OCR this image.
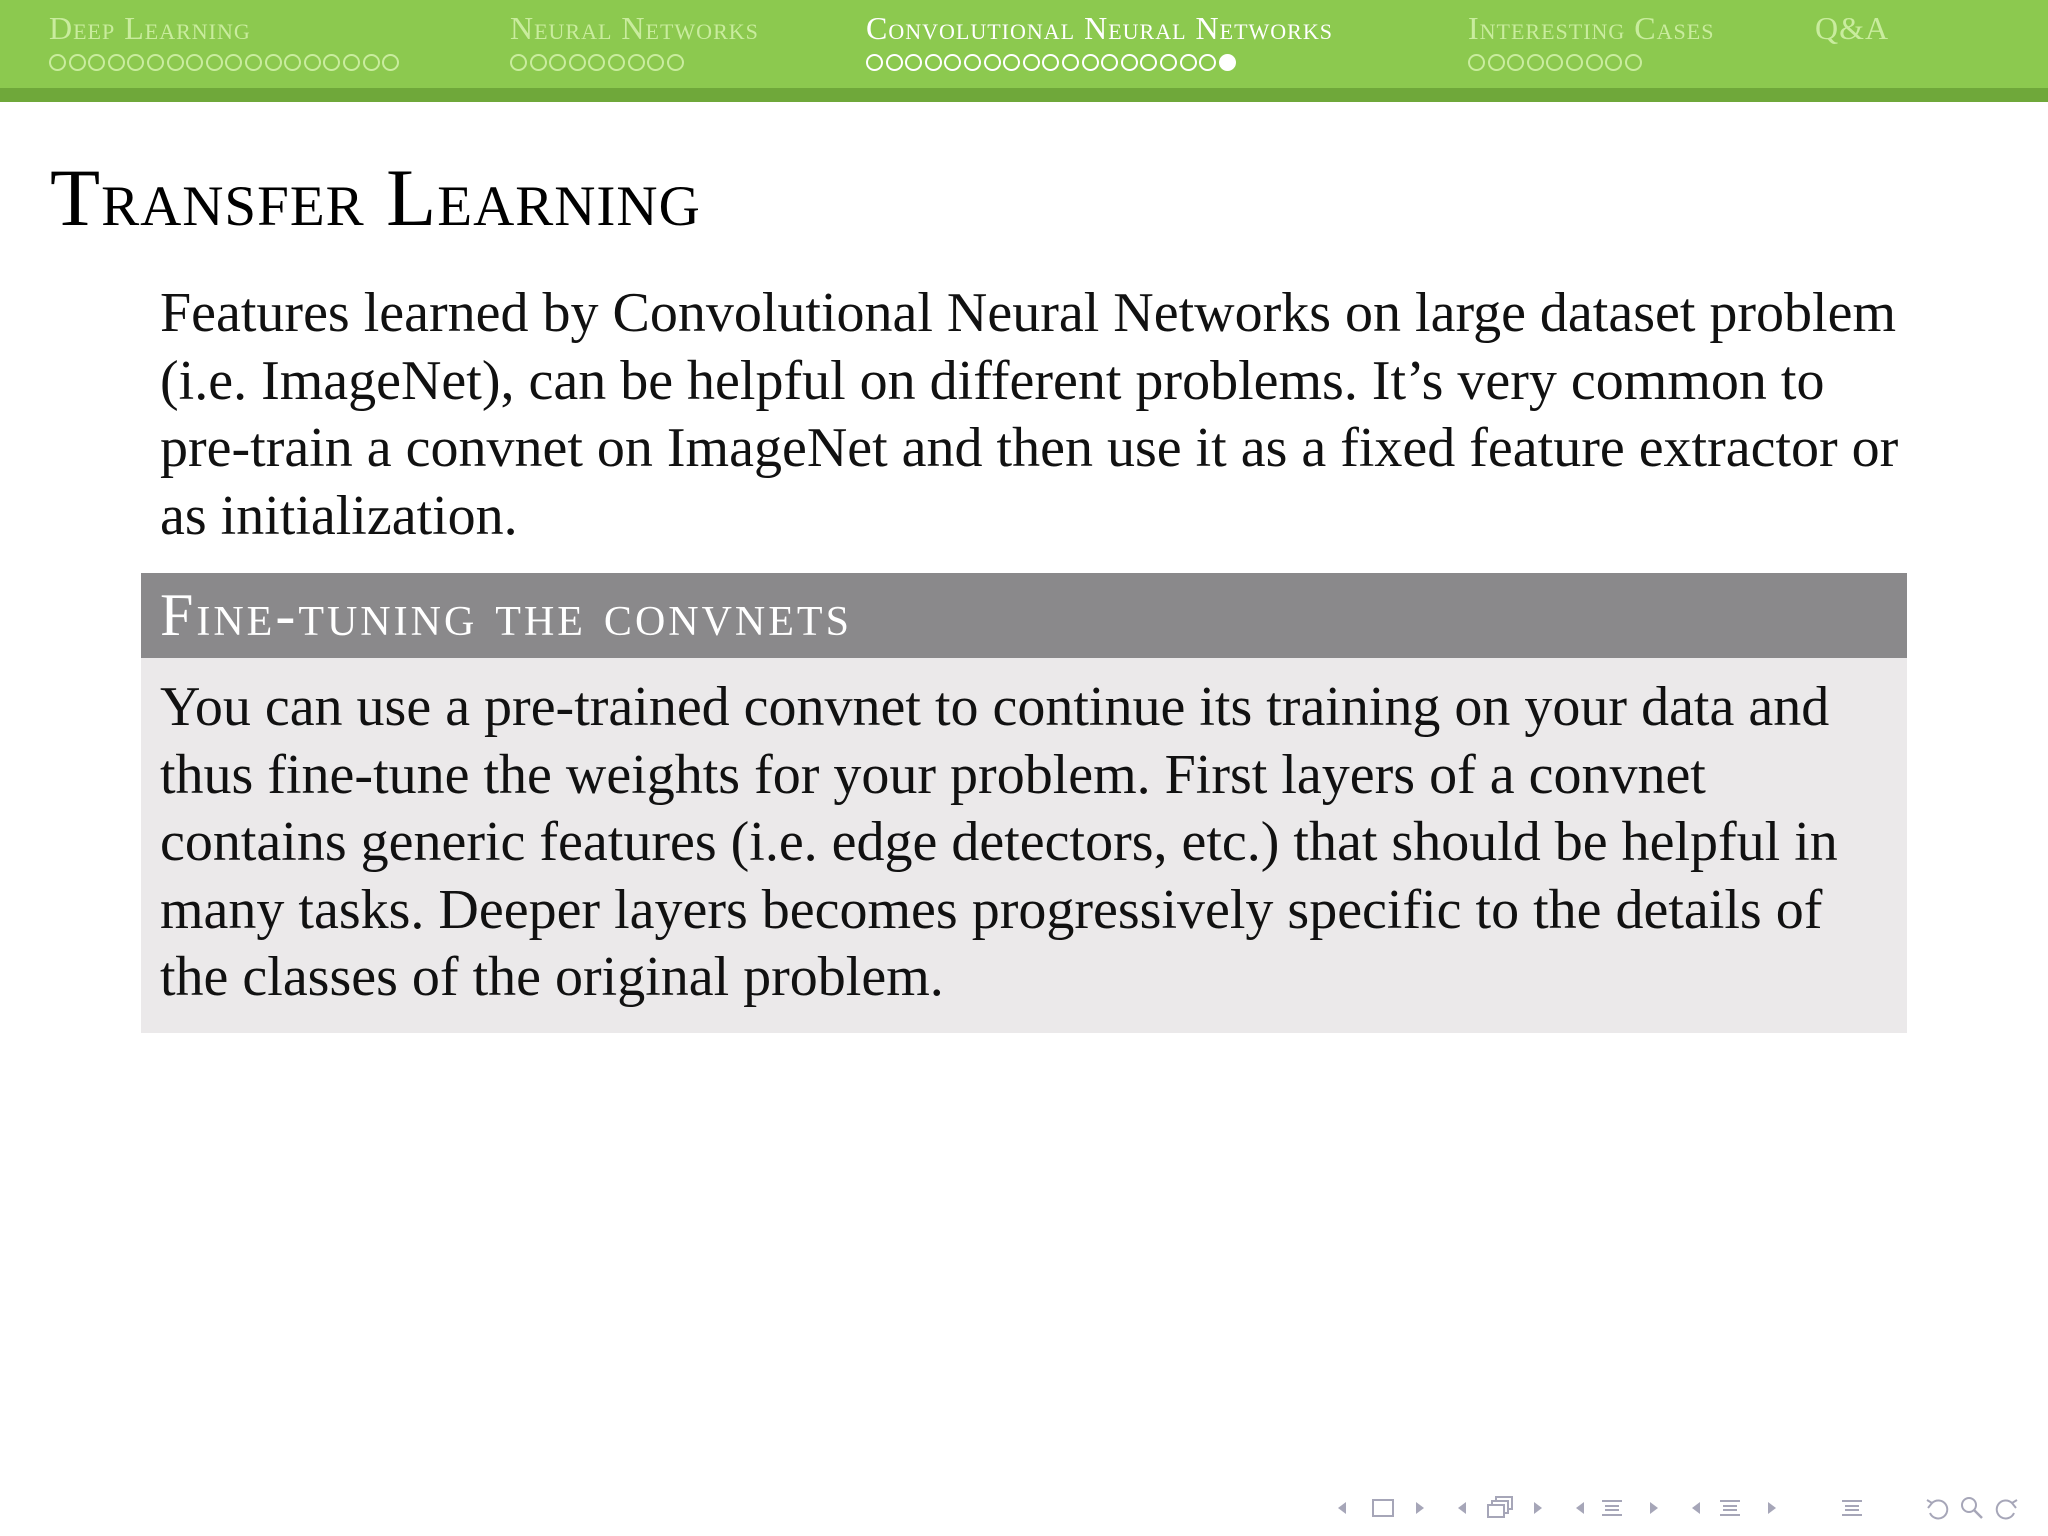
Deep Learning	Neural Networks	Convolutional Neural Networks	Interesting Cases	Q&A
Transfer Learning
Features learned by Convolutional Neural Networks on large dataset problem (i.e. ImageNet), can be helpful on different problems. It’s very common to pre-train a convnet on ImageNet and then use it as a fixed feature extractor or as initialization.
Fine-tuning the convnets
You can use a pre-trained convnet to continue its training on your data and thus fine-tune the weights for your problem. First layers of a convnet contains generic features (i.e. edge detectors, etc.) that should be helpful in many tasks. Deeper layers becomes progressively specific to the details of the classes of the original problem.
